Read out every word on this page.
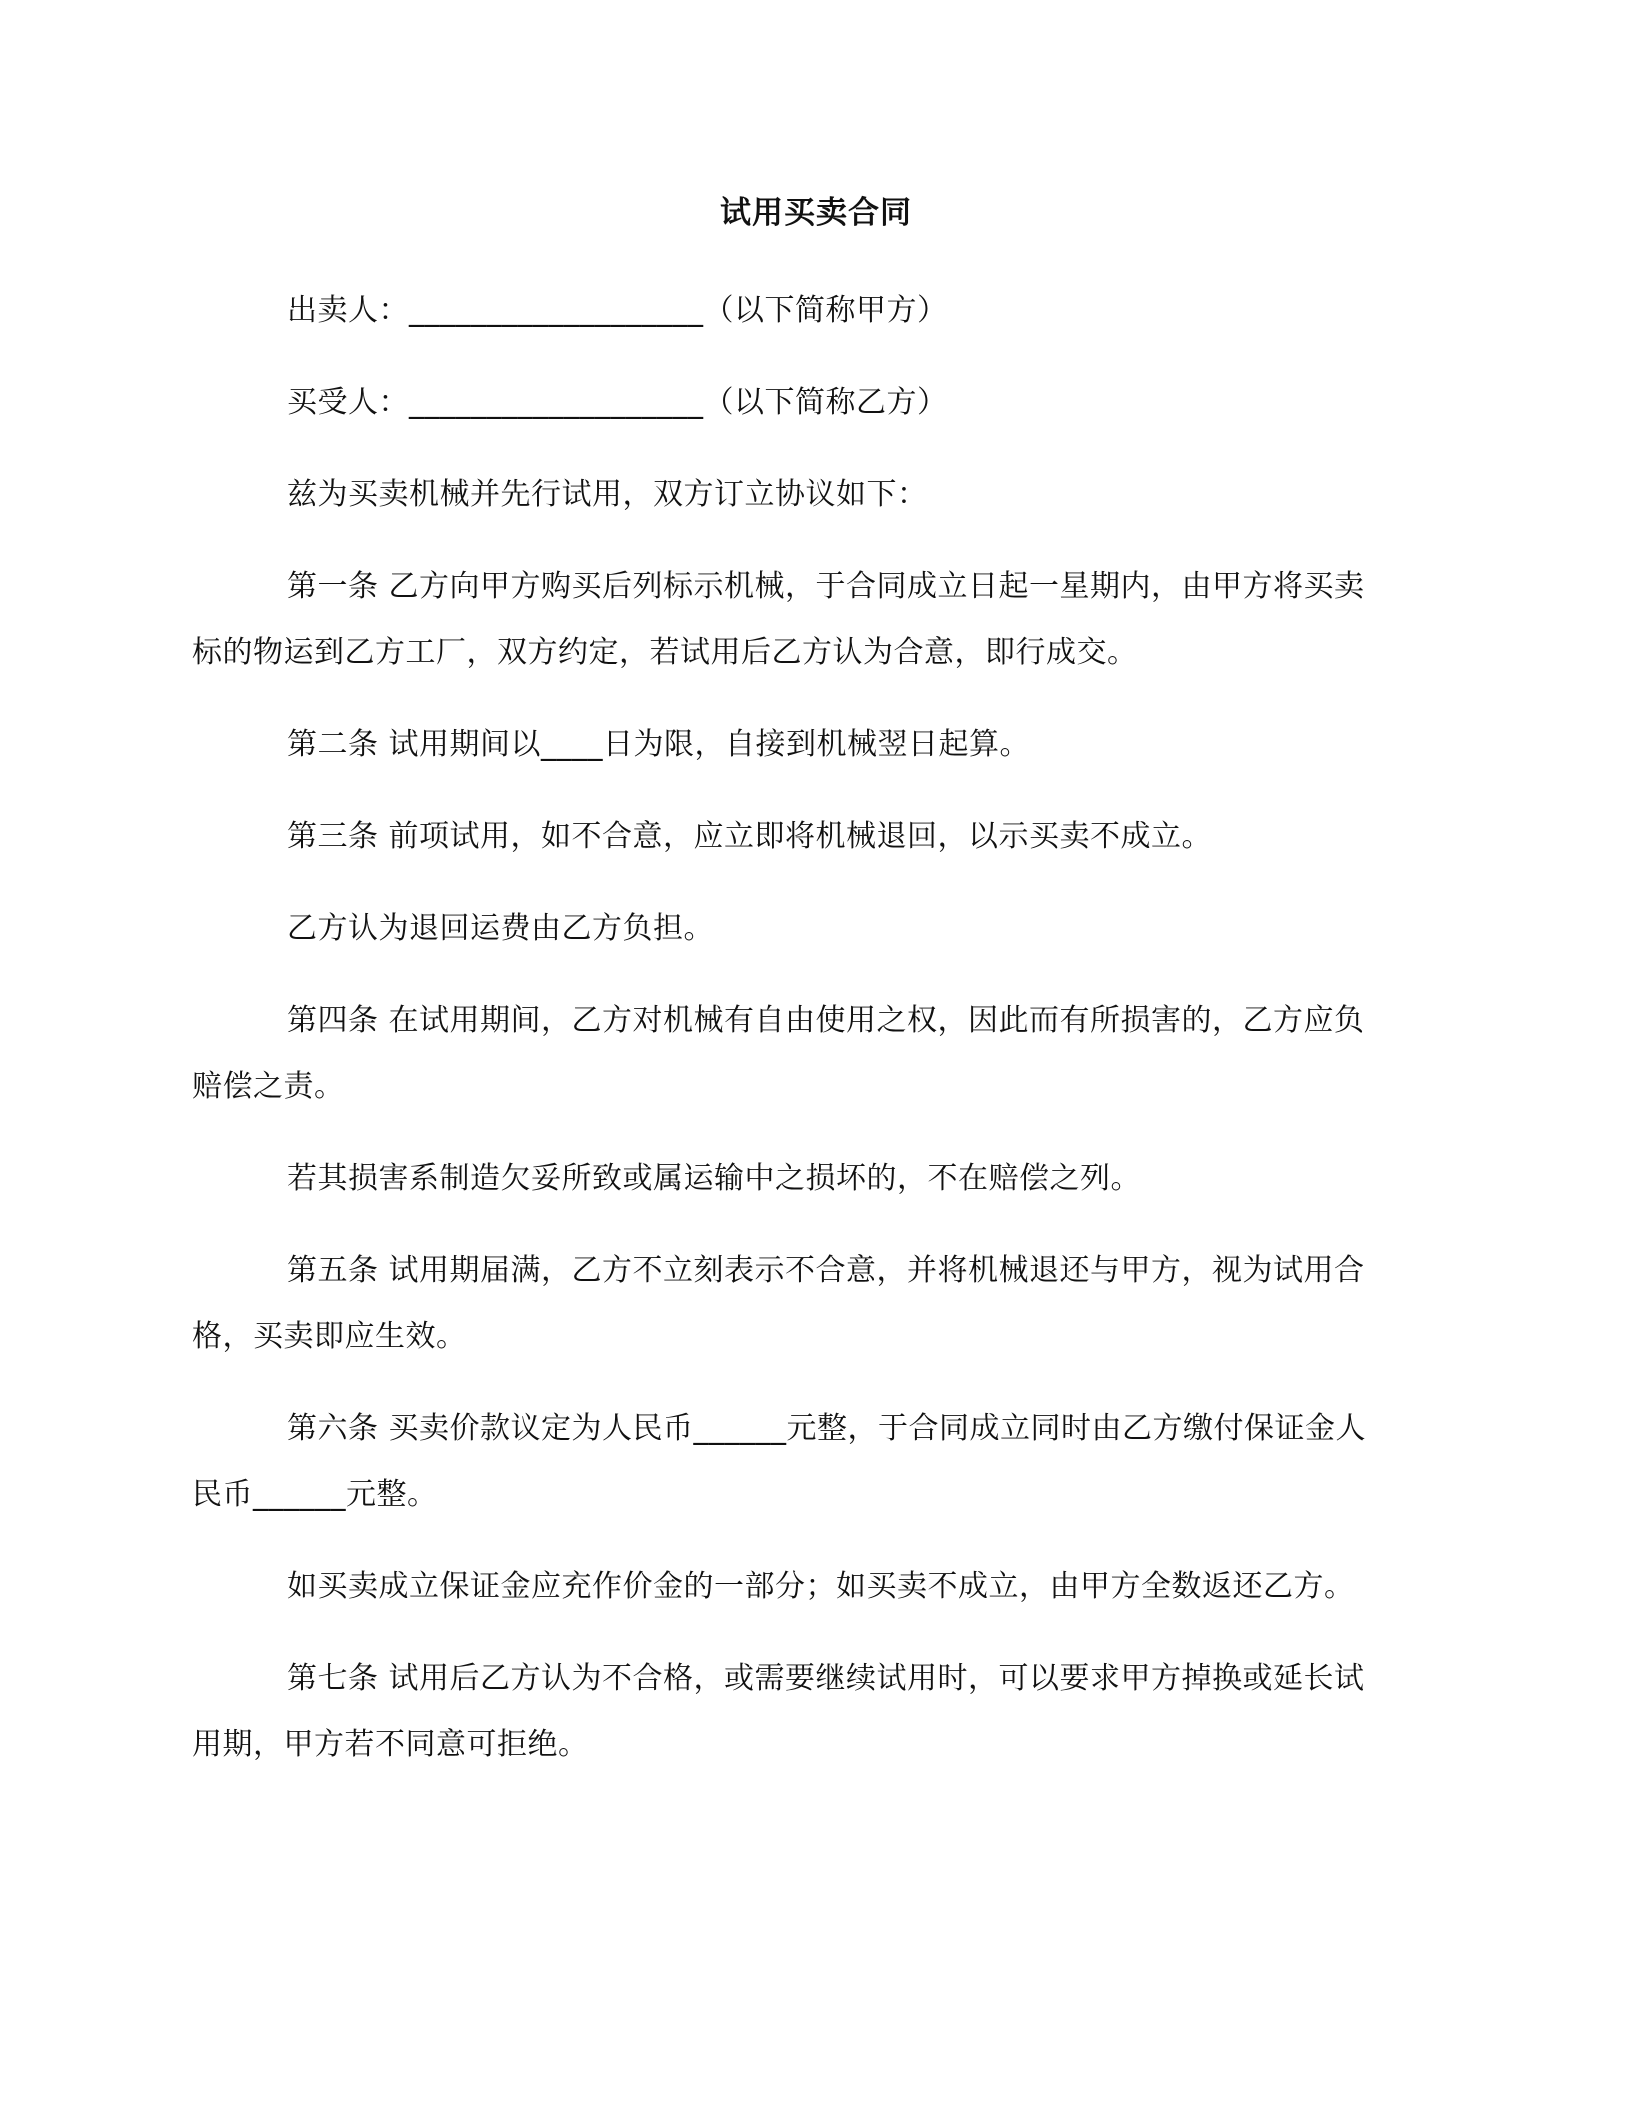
试用买卖合同

出卖人：___________________（以下简称甲方）

买受人：___________________（以下简称乙方）

兹为买卖机械并先行试用，双方订立协议如下：

第一条 乙方向甲方购买后列标示机械，于合同成立日起一星期内，由甲方将买卖
标的物运到乙方工厂，双方约定，若试用后乙方认为合意，即行成交。

第二条 试用期间以____日为限，自接到机械翌日起算。

第三条 前项试用，如不合意，应立即将机械退回，以示买卖不成立。

乙方认为退回运费由乙方负担。

第四条 在试用期间，乙方对机械有自由使用之权，因此而有所损害的，乙方应负
赔偿之责。

若其损害系制造欠妥所致或属运输中之损坏的，不在赔偿之列。

第五条 试用期届满，乙方不立刻表示不合意，并将机械退还与甲方，视为试用合
格，买卖即应生效。

第六条 买卖价款议定为人民币______元整，于合同成立同时由乙方缴付保证金人
民币______元整。

如买卖成立保证金应充作价金的一部分；如买卖不成立，由甲方全数返还乙方。

第七条 试用后乙方认为不合格，或需要继续试用时，可以要求甲方掉换或延长试
用期，甲方若不同意可拒绝。
